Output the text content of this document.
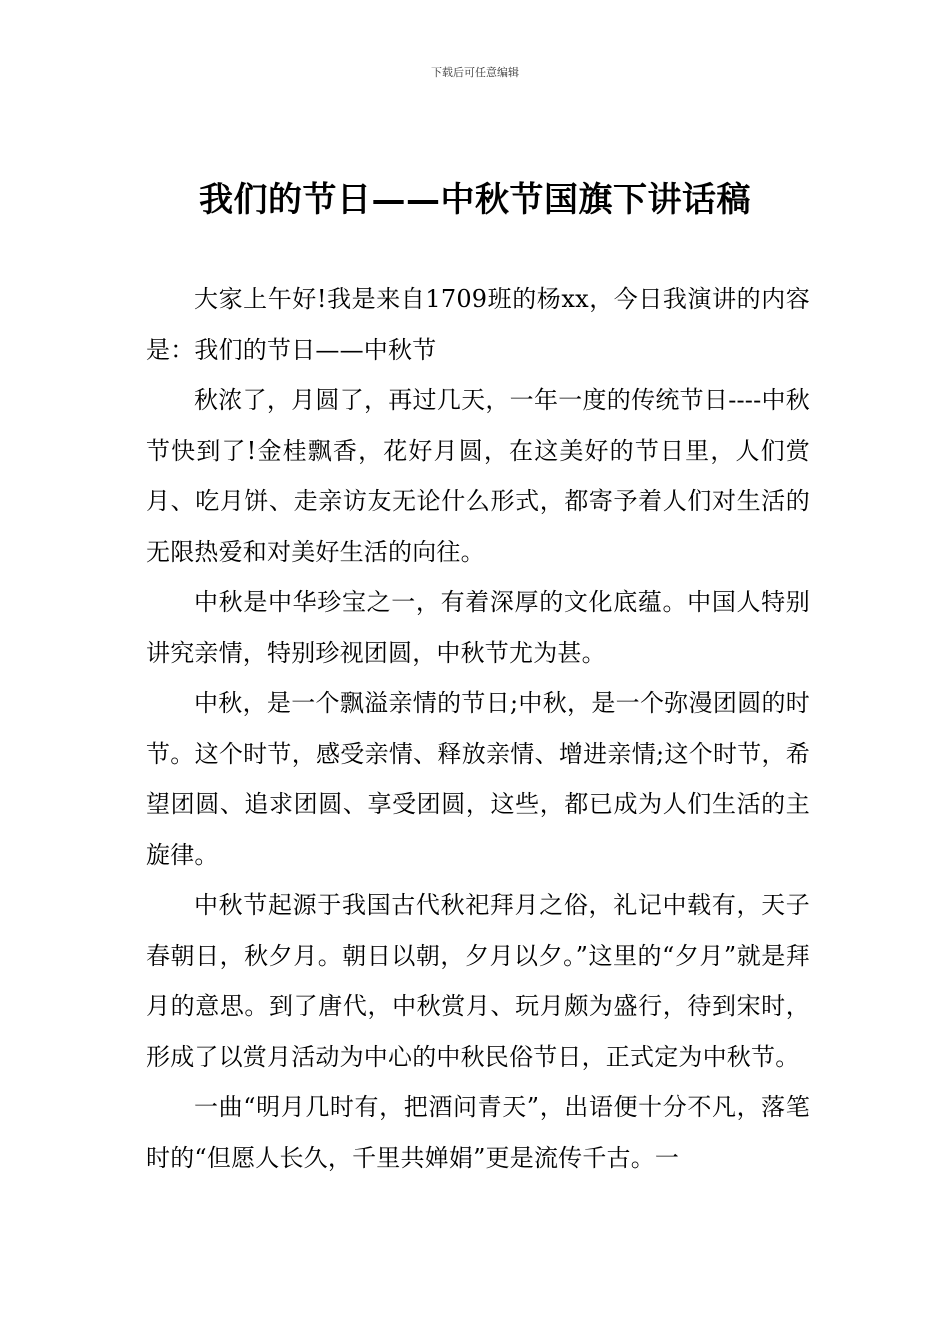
下载后可任意编辑
我们的节日——中秋节国旗下讲话稿

大家上午好!我是来自1709班的杨xx，今日我演讲的内容是：我们的节日——中秋节

秋浓了，月圆了，再过几天，一年一度的传统节日----中秋节快到了!金桂飘香，花好月圆，在这美好的节日里，人们赏月、吃月饼、走亲访友无论什么形式，都寄予着人们对生活的无限热爱和对美好生活的向往。

中秋是中华珍宝之一，有着深厚的文化底蕴。中国人特别讲究亲情，特别珍视团圆，中秋节尤为甚。

中秋，是一个飘溢亲情的节日;中秋，是一个弥漫团圆的时节。这个时节，感受亲情、释放亲情、增进亲情;这个时节，希望团圆、追求团圆、享受团圆，这些，都已成为人们生活的主旋律。

中秋节起源于我国古代秋祀拜月之俗，礼记中载有，天子春朝日，秋夕月。朝日以朝，夕月以夕。”这里的“夕月”就是拜月的意思。到了唐代，中秋赏月、玩月颇为盛行，待到宋时，形成了以赏月活动为中心的中秋民俗节日，正式定为中秋节。

一曲“明月几时有，把酒问青天”，出语便十分不凡，落笔时的“但愿人长久，千里共婵娟”更是流传千古。一
